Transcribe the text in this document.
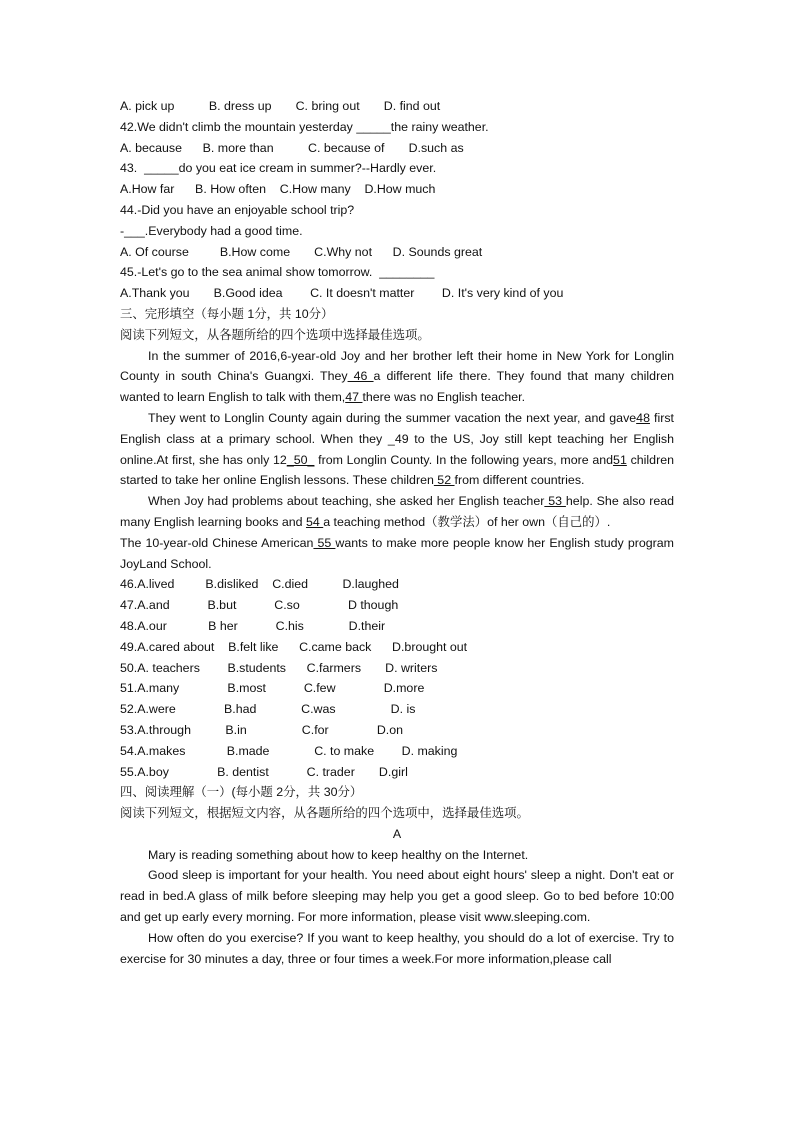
A. pick up          B. dress up       C. bring out       D. find out
42.We didn't climb the mountain yesterday _____the rainy weather.
A. because      B. more than          C. because of       D.such as
43.  _____do you eat ice cream in summer?--Hardly ever.
A.How far      B. How often    C.How many    D.How much
44.-Did you have an enjoyable school trip?
-___.Everybody had a good time.
A. Of course         B.How come       C.Why not      D. Sounds great
45.-Let's go to the sea animal show tomorrow.  ________
A.Thank you       B.Good idea        C. It doesn't matter        D. It's very kind of you
三、完形填空（每小题 1分，共 10分）
阅读下列短文，从各题所给的四个选项中选择最佳选项。
In the summer of 2016,6-year-old Joy and her brother left their home in New York for Longlin County in south China's Guangxi. They 46 a different life there. They found that many children wanted to learn English to talk with them,47 there was no English teacher.
They went to Longlin County again during the summer vacation the next year, and gave48 first English class at a primary school. When they _49 to the US, Joy still kept teaching her English online.At first, she has only 12_50_ from Longlin County. In the following years, more and51 children started to take her online English lessons. These children 52 from different countries.
When Joy had problems about teaching, she asked her English teacher 53 help. She also read many English learning books and 54 a teaching method（教学法）of her own（自己的）.
The 10-year-old Chinese American 55 wants to make more people know her English study program JoyLand School.
46.A.lived         B.disliked    C.died          D.laughed
47.A.and           B.but           C.so              D though
48.A.our            B her           C.his             D.their
49.A.cared about    B.felt like      C.came back      D.brought out
50.A. teachers        B.students      C.farmers       D. writers
51.A.many              B.most           C.few              D.more
52.A.were              B.had             C.was                D. is
53.A.through          B.in                C.for              D.on
54.A.makes            B.made             C. to make        D. making
55.A.boy              B. dentist           C. trader       D.girl
四、阅读理解（一）(每小题 2分，共 30分）
阅读下列短文，根据短文内容，从各题所给的四个选项中，选择最佳选项。
A
Mary is reading something about how to keep healthy on the Internet.
Good sleep is important for your health. You need about eight hours' sleep a night. Don't eat or read in bed.A glass of milk before sleeping may help you get a good sleep. Go to bed before 10:00 and get up early every morning. For more information, please visit www.sleeping.com.
How often do you exercise? If you want to keep healthy, you should do a lot of exercise. Try to exercise for 30 minutes a day, three or four times a week.For more information,please call
